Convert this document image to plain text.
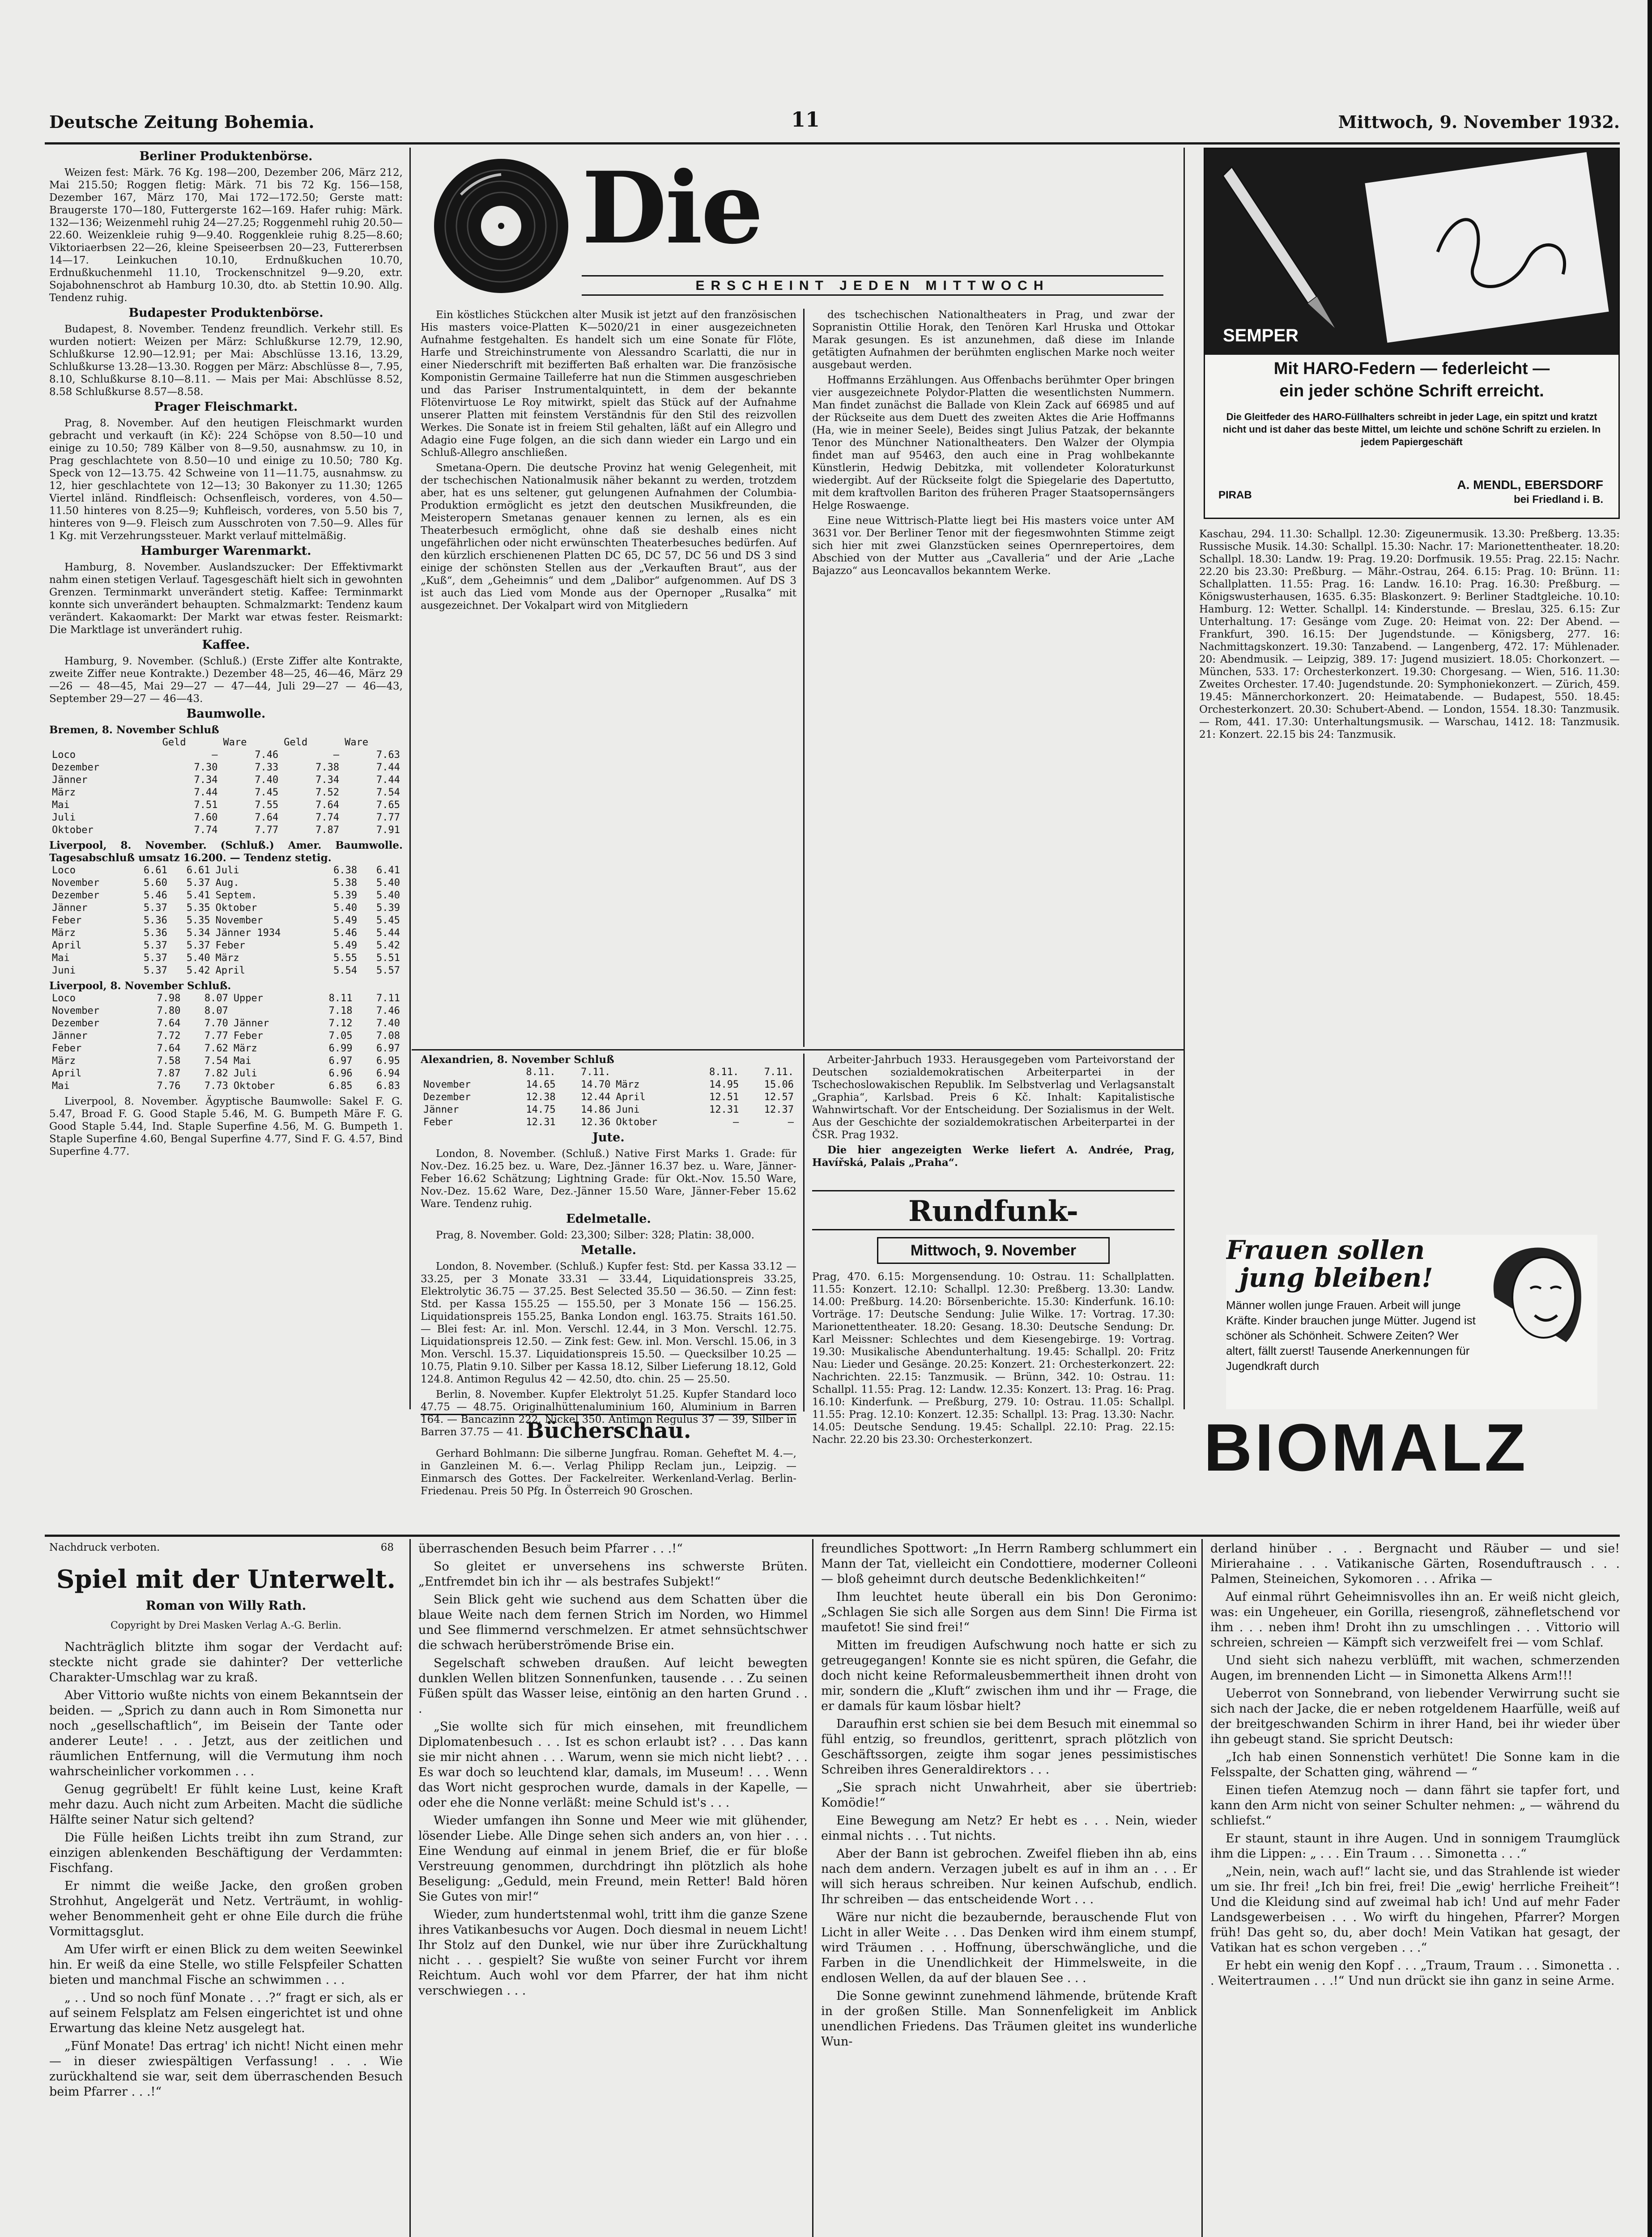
Deutsche Zeitung Bohemia.	11	Mittwoch, 9. November 1932.
Berliner Produktenbörse.

Weizen fest: Märk. 76 Kg. 198—200, Dezember 206, März 212, Mai 215.50; Roggen fletig: Märk. 71 bis 72 Kg. 156—158, Dezember 167, März 170, Mai 172—172.50; Gerste matt: Braugerste 170—180, Futtergerste 162—169. Hafer ruhig: Märk. 132—136; Weizenmehl ruhig 24—27.25; Roggenmehl ruhig 20.50—22.60. Weizenkleie ruhig 9—9.40. Roggenkleie ruhig 8.25—8.60; Viktoriaerbsen 22—26, kleine Speiseerbsen 20—23, Futtererbsen 14—17. Leinkuchen 10.10, Erdnußkuchen 10.70, Erdnußkuchenmehl 11.10, Trockenschnitzel 9—9.20, extr. Sojabohnenschrot ab Hamburg 10.30, dto. ab Stettin 10.90. Allg. Tendenz ruhig.

Budapester Produktenbörse.

Budapest, 8. November. Tendenz freundlich. Verkehr still. Es wurden notiert: Weizen per März: Schlußkurse 12.79, 12.90, Schlußkurse 12.90—12.91; per Mai: Abschlüsse 13.16, 13.29, Schlußkurse 13.28—13.30. Roggen per März: Abschlüsse 8—, 7.95, 8.10, Schlußkurse 8.10—8.11. — Mais per Mai: Abschlüsse 8.52, 8.58 Schlußkurse 8.57—8.58.

Prager Fleischmarkt.

Prag, 8. November. Auf den heutigen Fleischmarkt wurden gebracht und verkauft (in Kč): 224 Schöpse von 8.50—10 und einige zu 10.50; 789 Kälber von 8—9.50, ausnahmsw. zu 10, in Prag geschlachtete von 8.50—10 und einige zu 10.50; 780 Kg. Speck von 12—13.75. 42 Schweine von 11—11.75, ausnahmsw. zu 12, hier geschlachtete von 12—13; 30 Bakonyer zu 11.30; 1265 Viertel inländ. Rindfleisch: Ochsenfleisch, vorderes, von 4.50—11.50 hinteres von 8.25—9; Kuhfleisch, vorderes, von 5.50 bis 7, hinteres von 9—9. Fleisch zum Ausschroten von 7.50—9. Alles für 1 Kg. mit Verzehrungssteuer. Markt verlauf mittelmäßig.

Hamburger Warenmarkt.

Hamburg, 8. November. Auslandszucker: Der Effektivmarkt nahm einen stetigen Verlauf. Tagesgeschäft hielt sich in gewohnten Grenzen. Terminmarkt unverändert stetig. Kaffee: Terminmarkt konnte sich unverändert behaupten. Schmalzmarkt: Tendenz kaum verändert. Kakaomarkt: Der Markt war etwas fester. Reismarkt: Die Marktlage ist unverändert ruhig.

Kaffee.

Hamburg, 9. November. (Schluß.) (Erste Ziffer alte Kontrakte, zweite Ziffer neue Kontrakte.) Dezember 48—25, 46—46, März 29—26 — 48—45, Mai 29—27 — 47—44, Juli 29—27 — 46—43, September 29—27 — 46—43.

Baumwolle.
Bremen, 8. November Schluß
	Geld	Ware	Geld	Ware
Loco	—	7.46	—	7.63
Dezember	7.30	7.33	7.38	7.44
Jänner	7.34	7.40	7.34	7.44
März	7.44	7.45	7.52	7.54
Mai	7.51	7.55	7.64	7.65
Juli	7.60	7.64	7.74	7.77
Oktober	7.74	7.77	7.87	7.91
Liverpool, 8. November. (Schluß.) Amer. Baumwolle. Tagesabschluß umsatz 16.200. — Tendenz stetig.
Loco	6.61	6.61	Juli	6.38	6.41
November	5.60	5.37	Aug.	5.38	5.40
Dezember	5.46	5.41	Septem.	5.39	5.40
Jänner	5.37	5.35	Oktober	5.40	5.39
Feber	5.36	5.35	November	5.49	5.45
März	5.36	5.34	Jänner 1934	5.46	5.44
April	5.37	5.37	Feber	5.49	5.42
Mai	5.37	5.40	März	5.55	5.51
Juni	5.37	5.42	April	5.54	5.57
Liverpool, 8. November Schluß.
Loco	7.98	8.07	Upper	8.11	7.11
November	7.80	8.07		7.18	7.46
Dezember	7.64	7.70	Jänner	7.12	7.40
Jänner	7.72	7.77	Feber	7.05	7.08
Feber	7.64	7.62	März	6.99	6.97
März	7.58	7.54	Mai	6.97	6.95
April	7.87	7.82	Juli	6.96	6.94
Mai	7.76	7.73	Oktober	6.85	6.83

Liverpool, 8. November. Ägyptische Baumwolle: Sakel F. G. 5.47, Broad F. G. Good Staple 5.46, M. G. Bumpeth Märe F. G. Good Staple 5.44, Ind. Staple Superfine 4.56, M. G. Bumpeth 1. Staple Superfine 4.60, Bengal Superfine 4.77, Sind F. G. 4.57, Bind Superfine 4.77.

Die
ERSCHEINT JEDEN MITTWOCH

Ein köstliches Stückchen alter Musik ist jetzt auf den französischen His masters voice-Platten K—5020/21 in einer ausgezeichneten Aufnahme festgehalten. Es handelt sich um eine Sonate für Flöte, Harfe und Streichinstrumente von Alessandro Scarlatti, die nur in einer Niederschrift mit bezifferten Baß erhalten war. Die französische Komponistin Germaine Tailleferre hat nun die Stimmen ausgeschrieben und das Pariser Instrumentalquintett, in dem der bekannte Flötenvirtuose Le Roy mitwirkt, spielt das Stück auf der Aufnahme unserer Platten mit feinstem Verständnis für den Stil des reizvollen Werkes. Die Sonate ist in freiem Stil gehalten, läßt auf ein Allegro und Adagio eine Fuge folgen, an die sich dann wieder ein Largo und ein Schluß-Allegro anschließen.

Smetana-Opern. Die deutsche Provinz hat wenig Gelegenheit, mit der tschechischen Nationalmusik näher bekannt zu werden, trotzdem aber, hat es uns seltener, gut gelungenen Aufnahmen der Columbia-Produktion ermöglicht es jetzt den deutschen Musikfreunden, die Meisteropern Smetanas genauer kennen zu lernen, als es ein Theaterbesuch ermöglicht, ohne daß sie deshalb eines nicht ungefährlichen oder nicht erwünschten Theaterbesuches bedürfen. Auf den kürzlich erschienenen Platten DC 65, DC 57, DC 56 und DS 3 sind einige der schönsten Stellen aus der „Verkauften Braut“, aus der „Kuß“, dem „Geheimnis“ und dem „Dalibor“ aufgenommen. Auf DS 3 ist auch das Lied vom Monde aus der Opernoper „Rusalka“ mit ausgezeichnet. Der Vokalpart wird von Mitgliedern

des tschechischen Nationaltheaters in Prag, und zwar der Sopranistin Ottilie Horak, den Tenören Karl Hruska und Ottokar Marak gesungen. Es ist anzunehmen, daß diese im Inlande getätigten Aufnahmen der berühmten englischen Marke noch weiter ausgebaut werden.

Hoffmanns Erzählungen. Aus Offenbachs berühmter Oper bringen vier ausgezeichnete Polydor-Platten die wesentlichsten Nummern. Man findet zunächst die Ballade von Klein Zack auf 66985 und auf der Rückseite aus dem Duett des zweiten Aktes die Arie Hoffmanns (Ha, wie in meiner Seele), Beides singt Julius Patzak, der bekannte Tenor des Münchner Nationaltheaters. Den Walzer der Olympia findet man auf 95463, den auch eine in Prag wohlbekannte Künstlerin, Hedwig Debitzka, mit vollendeter Koloraturkunst wiedergibt. Auf der Rückseite folgt die Spiegelarie des Dapertutto, mit dem kraftvollen Bariton des früheren Prager Staatsopernsängers Helge Roswaenge.

Eine neue Wittrisch-Platte liegt bei His masters voice unter AM 3631 vor. Der Berliner Tenor mit der fiegesmwohnten Stimme zeigt sich hier mit zwei Glanzstücken seines Opernrepertoires, dem Abschied von der Mutter aus „Cavalleria“ und der Arie „Lache Bajazzo“ aus Leoncavallos bekanntem Werke.

SEMPER
Mit HARO-Federn — federleicht —
ein jeder schöne Schrift erreicht.
Die Gleitfeder des HARO-Füllhalters schreibt in jeder Lage, ein spitzt und kratzt nicht und ist daher das beste Mittel, um leichte und schöne Schrift zu erzielen. In jedem Papiergeschäft
PIRAB
A. MENDL, EBERSDORF
bei Friedland i. B.

Kaschau, 294. 11.30: Schallpl. 12.30: Zigeunermusik. 13.30: Preßberg. 13.35: Russische Musik. 14.30: Schallpl. 15.30: Nachr. 17: Marionettentheater. 18.20: Schallpl. 18.30: Landw. 19: Prag. 19.20: Dorfmusik. 19.55: Prag. 22.15: Nachr. 22.20 bis 23.30: Preßburg. — Mähr.-Ostrau, 264. 6.15: Prag. 10: Brünn. 11: Schallplatten. 11.55: Prag. 16: Landw. 16.10: Prag. 16.30: Preßburg. — Königswusterhausen, 1635. 6.35: Blaskonzert. 9: Berliner Stadtgleiche. 10.10: Hamburg. 12: Wetter. Schallpl. 14: Kinderstunde. — Breslau, 325. 6.15: Zur Unterhaltung. 17: Gesänge vom Zuge. 20: Heimat von. 22: Der Abend. — Frankfurt, 390. 16.15: Der Jugendstunde. — Königsberg, 277. 16: Nachmittagskonzert. 19.30: Tanzabend. — Langenberg, 472. 17: Mühlenader. 20: Abendmusik. — Leipzig, 389. 17: Jugend musiziert. 18.05: Chorkonzert. — München, 533. 17: Orchesterkonzert. 19.30: Chorgesang. — Wien, 516. 11.30: Zweites Orchester. 17.40: Jugendstunde. 20: Symphoniekonzert. — Zürich, 459. 19.45: Männerchorkonzert. 20: Heimatabende. — Budapest, 550. 18.45: Orchesterkonzert. 20.30: Schubert-Abend. — London, 1554. 18.30: Tanzmusik. — Rom, 441. 17.30: Unterhaltungsmusik. — Warschau, 1412. 18: Tanzmusik. 21: Konzert. 22.15 bis 24: Tanzmusik.

Frauen sollen
jung bleiben!
Männer wollen junge Frauen. Arbeit will junge Kräfte. Kinder brauchen junge Mütter. Jugend ist schöner als Schönheit. Schwere Zeiten? Wer altert, fällt zuerst! Tausende Anerkennungen für Jugendkraft durch
BIOMALZ
Alexandrien, 8. November Schluß
	8.11.	7.11.		8.11.	7.11.
November	14.65	14.70	März	14.95	15.06
Dezember	12.38	12.44	April	12.51	12.57
Jänner	14.75	14.86	Juni	12.31	12.37
Feber	12.31	12.36	Oktober	—	—
Jute.

London, 8. November. (Schluß.) Native First Marks 1. Grade: für Nov.-Dez. 16.25 bez. u. Ware, Dez.-Jänner 16.37 bez. u. Ware, Jänner-Feber 16.62 Schätzung; Lightning Grade: für Okt.-Nov. 15.50 Ware, Nov.-Dez. 15.62 Ware, Dez.-Jänner 15.50 Ware, Jänner-Feber 15.62 Ware. Tendenz ruhig.

Edelmetalle.

Prag, 8. November. Gold: 23,300; Silber: 328; Platin: 38,000.

Metalle.

London, 8. November. (Schluß.) Kupfer fest: Std. per Kassa 33.12 — 33.25, per 3 Monate 33.31 — 33.44, Liquidationspreis 33.25, Elektrolytic 36.75 — 37.25. Best Selected 35.50 — 36.50. — Zinn fest: Std. per Kassa 155.25 — 155.50, per 3 Monate 156 — 156.25. Liquidationspreis 155.25, Banka London engl. 163.75. Straits 161.50. — Blei fest: Ar. inl. Mon. Verschl. 12.44, in 3 Mon. Verschl. 12.75. Liquidationspreis 12.50. — Zink fest: Gew. inl. Mon. Verschl. 15.06, in 3 Mon. Verschl. 15.37. Liquidationspreis 15.50. — Quecksilber 10.25 — 10.75, Platin 9.10. Silber per Kassa 18.12, Silber Lieferung 18.12, Gold 124.8. Antimon Regulus 42 — 42.50, dto. chin. 25 — 25.50.

Berlin, 8. November. Kupfer Elektrolyt 51.25. Kupfer Standard loco 47.75 — 48.75. Originalhüttenaluminium 160, Aluminium in Barren 164. — Bancazinn 222, Nickel 350. Antimon Regulus 37 — 39, Silber in Barren 37.75 — 41.

Arbeiter-Jahrbuch 1933. Herausgegeben vom Parteivorstand der Deutschen sozialdemokratischen Arbeiterpartei in der Tschechoslowakischen Republik. Im Selbstverlag und Verlagsanstalt „Graphia“, Karlsbad. Preis 6 Kč. Inhalt: Kapitalistische Wahnwirtschaft. Vor der Entscheidung. Der Sozialismus in der Welt. Aus der Geschichte der sozialdemokratischen Arbeiterpartei in der ČSR. Prag 1932.

Die hier angezeigten Werke liefert A. Andrée, Prag, Havířská, Palais „Praha“.

Rundfunk-
Mittwoch, 9. November

Prag, 470. 6.15: Morgensendung. 10: Ostrau. 11: Schallplatten. 11.55: Konzert. 12.10: Schallpl. 12.30: Preßberg. 13.30: Landw. 14.00: Preßburg. 14.20: Börsenberichte. 15.30: Kinderfunk. 16.10: Vorträge. 17: Deutsche Sendung: Julie Wilke. 17: Vortrag. 17.30: Marionettentheater. 18.20: Gesang. 18.30: Deutsche Sendung: Dr. Karl Meissner: Schlechtes und dem Kiesengebirge. 19: Vortrag. 19.30: Musikalische Abendunterhaltung. 19.45: Schallpl. 20: Fritz Nau: Lieder und Gesänge. 20.25: Konzert. 21: Orchesterkonzert. 22: Nachrichten. 22.15: Tanzmusik. — Brünn, 342. 10: Ostrau. 11: Schallpl. 11.55: Prag. 12: Landw. 12.35: Konzert. 13: Prag. 16: Prag. 16.10: Kinderfunk. — Preßburg, 279. 10: Ostrau. 11.05: Schallpl. 11.55: Prag. 12.10: Konzert. 12.35: Schallpl. 13: Prag. 13.30: Nachr. 14.05: Deutsche Sendung. 19.45: Schallpl. 22.10: Prag. 22.15: Nachr. 22.20 bis 23.30: Orchesterkonzert.

Bücherschau.

Gerhard Bohlmann: Die silberne Jungfrau. Roman. Geheftet M. 4.—, in Ganzleinen M. 6.—. Verlag Philipp Reclam jun., Leipzig. — Einmarsch des Gottes. Der Fackelreiter. Werkenland-Verlag. Berlin-Friedenau. Preis 50 Pfg. In Österreich 90 Groschen.

Nachdruck verboten.	68
Spiel mit der Unterwelt.
Roman von Willy Rath.
Copyright by Drei Masken Verlag A.-G. Berlin.

Nachträglich blitzte ihm sogar der Verdacht auf: steckte nicht grade sie dahinter? Der vetterliche Charakter-Umschlag war zu kraß.

Aber Vittorio wußte nichts von einem Bekanntsein der beiden. — „Sprich zu dann auch in Rom Simonetta nur noch „gesellschaftlich“, im Beisein der Tante oder anderer Leute! . . . Jetzt, aus der zeitlichen und räumlichen Entfernung, will die Vermutung ihm noch wahrscheinlicher vorkommen . . .

Genug gegrübelt! Er fühlt keine Lust, keine Kraft mehr dazu. Auch nicht zum Arbeiten. Macht die südliche Hälfte seiner Natur sich geltend?

Die Fülle heißen Lichts treibt ihn zum Strand, zur einzigen ablenkenden Beschäftigung der Verdammten: Fischfang.

Er nimmt die weiße Jacke, den großen groben Strohhut, Angelgerät und Netz. Verträumt, in wohlig-weher Benommenheit geht er ohne Eile durch die frühe Vormittagsglut.

Am Ufer wirft er einen Blick zu dem weiten Seewinkel hin. Er weiß da eine Stelle, wo stille Felspfeiler Schatten bieten und manchmal Fische an schwimmen . . .

„ . . Und so noch fünf Monate . . .?“ fragt er sich, als er auf seinem Felsplatz am Felsen eingerichtet ist und ohne Erwartung das kleine Netz ausgelegt hat.

„Fünf Monate! Das ertrag' ich nicht! Nicht einen mehr — in dieser zwiespältigen Verfassung! . . . Wie zurückhaltend sie war, seit dem überraschenden Besuch beim Pfarrer . . .!“

überraschenden Besuch beim Pfarrer . . .!“

So gleitet er unversehens ins schwerste Brüten. „Entfremdet bin ich ihr — als bestrafes Subjekt!“

Sein Blick geht wie suchend aus dem Schatten über die blaue Weite nach dem fernen Strich im Norden, wo Himmel und See flimmernd verschmelzen. Er atmet sehnsüchtschwer die schwach herüberströmende Brise ein.

Segelschaft schweben draußen. Auf leicht bewegten dunklen Wellen blitzen Sonnenfunken, tausende . . . Zu seinen Füßen spült das Wasser leise, eintönig an den harten Grund . . .

„Sie wollte sich für mich einsehen, mit freundlichem Diplomatenbesuch . . . Ist es schon erlaubt ist? . . . Das kann sie mir nicht ahnen . . . Warum, wenn sie mich nicht liebt? . . . Es war doch so leuchtend klar, damals, im Museum! . . . Wenn das Wort nicht gesprochen wurde, damals in der Kapelle, — oder ehe die Nonne verläßt: meine Schuld ist's . . .

Wieder umfangen ihn Sonne und Meer wie mit glühender, lösender Liebe. Alle Dinge sehen sich anders an, von hier . . . Eine Wendung auf einmal in jenem Brief, die er für bloße Verstreuung genommen, durchdringt ihn plötzlich als hohe Beseligung: „Geduld, mein Freund, mein Retter! Bald hören Sie Gutes von mir!“

Wieder, zum hundertstenmal wohl, tritt ihm die ganze Szene ihres Vatikanbesuchs vor Augen. Doch diesmal in neuem Licht! Ihr Stolz auf den Dunkel, wie nur über ihre Zurückhaltung nicht . . . gespielt? Sie wußte von seiner Furcht vor ihrem Reichtum. Auch wohl vor dem Pfarrer, der hat ihm nicht verschwiegen . . .

freundliches Spottwort: „In Herrn Ramberg schlummert ein Mann der Tat, vielleicht ein Condottiere, moderner Colleoni — bloß geheimnt durch deutsche Bedenklichkeiten!“

Ihm leuchtet heute überall ein bis Don Geronimo: „Schlagen Sie sich alle Sorgen aus dem Sinn! Die Firma ist maufetot! Sie sind frei!“

Mitten im freudigen Aufschwung noch hatte er sich zu getreugegangen! Konnte sie es nicht spüren, die Gefahr, die doch nicht keine Reformaleusbemmertheit ihnen droht von mir, sondern die „Kluft“ zwischen ihm und ihr — Frage, die er damals für kaum lösbar hielt?

Daraufhin erst schien sie bei dem Besuch mit einemmal so fühl entzig, so freundlos, gerittenrt, sprach plötzlich von Geschäftssorgen, zeigte ihm sogar jenes pessimistisches Schreiben ihres Generaldirektors . . .

„Sie sprach nicht Unwahrheit, aber sie übertrieb: Komödie!“

Eine Bewegung am Netz? Er hebt es . . . Nein, wieder einmal nichts . . . Tut nichts.

Aber der Bann ist gebrochen. Zweifel flieben ihn ab, eins nach dem andern. Verzagen jubelt es auf in ihm an . . . Er will sich heraus schreiben. Nur keinen Aufschub, endlich. Ihr schreiben — das entscheidende Wort . . .

Wäre nur nicht die bezaubernde, berauschende Flut von Licht in aller Weite . . . Das Denken wird ihm einem stumpf, wird Träumen . . . Hoffnung, überschwängliche, und die Farben in die Unendlichkeit der Himmelsweite, in die endlosen Wellen, da auf der blauen See . . .

Die Sonne gewinnt zunehmend lähmende, brütende Kraft in der großen Stille. Man Sonnenfeligkeit im Anblick unendlichen Friedens. Das Träumen gleitet ins wunderliche Wun-

derland hinüber . . . Bergnacht und Räuber — und sie! Mirierahaine . . . Vatikanische Gärten, Rosenduftrausch . . . Palmen, Steineichen, Sykomoren . . . Afrika —

Auf einmal rührt Geheimnisvolles ihn an. Er weiß nicht gleich, was: ein Ungeheuer, ein Gorilla, riesengroß, zähnefletschend vor ihm . . . neben ihm! Droht ihn zu umschlingen . . . Vittorio will schreien, schreien — Kämpft sich verzweifelt frei — vom Schlaf.

Und sieht sich nahezu verblüfft, mit wachen, schmerzenden Augen, im brennenden Licht — in Simonetta Alkens Arm!!!

Ueberrot von Sonnebrand, von liebender Verwirrung sucht sie sich nach der Jacke, die er neben rotgeldenem Haarfülle, weiß auf der breitgeschwanden Schirm in ihrer Hand, bei ihr wieder über ihn gebeugt stand. Sie spricht Deutsch:

„Ich hab einen Sonnenstich verhütet! Die Sonne kam in die Felsspalte, der Schatten ging, während — “

Einen tiefen Atemzug noch — dann fährt sie tapfer fort, und kann den Arm nicht von seiner Schulter nehmen: „ — während du schliefst.“

Er staunt, staunt in ihre Augen. Und in sonnigem Traumglück ihm die Lippen: „ . . . Ein Traum . . . Simonetta . . .“

„Nein, nein, wach auf!“ lacht sie, und das Strahlende ist wieder um sie. Ihr frei! „Ich bin frei, frei! Die „ewig' herrliche Freiheit“! Und die Kleidung sind auf zweimal hab ich! Und auf mehr Fader Landsgewerbeisen . . . Wo wirft du hingehen, Pfarrer? Morgen früh! Das geht so, du, aber doch! Mein Vatikan hat gesagt, der Vatikan hat es schon vergeben . . .“

Er hebt ein wenig den Kopf . . . „Traum, Traum . . . Simonetta . . . Weitertraumen . . .!“ Und nun drückt sie ihn ganz in seine Arme.
